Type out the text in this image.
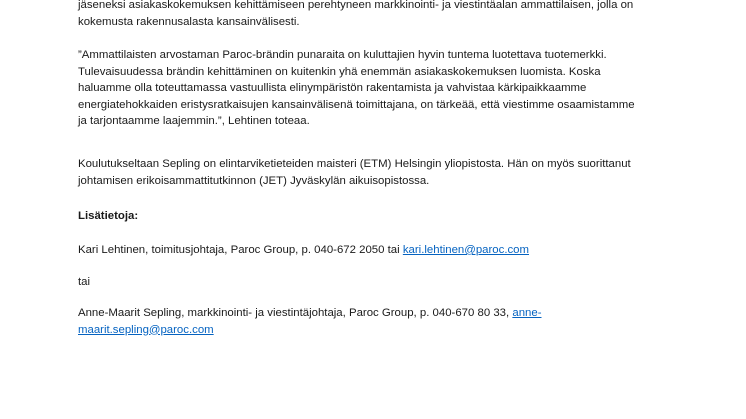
jäseneksi asiakaskokemuksen kehittämiseen perehtyneen markkinointi- ja viestintäalan ammattilaisen, jolla on
kokemusta rakennusalasta kansainvälisesti.

”Ammattilaisten arvostaman Paroc-brändin punaraita on kuluttajien hyvin tuntema luotettava tuotemerkki.
Tulevaisuudessa brändin kehittäminen on kuitenkin yhä enemmän asiakaskokemuksen luomista. Koska
haluamme olla toteuttamassa vastuullista elinympäristön rakentamista ja vahvistaa kärkipaikkaamme
energiatehokkaiden eristysratkaisujen kansainvälisenä toimittajana, on tärkeää, että viestimme osaamistamme
ja tarjontaamme laajemmin.”, Lehtinen toteaa.

Koulutukseltaan Sepling on elintarviketieteiden maisteri (ETM) Helsingin yliopistosta. Hän on myös suorittanut
johtamisen erikoisammattitutkinnon (JET) Jyväskylän aikuisopistossa.

Lisätietoja:

Kari Lehtinen, toimitusjohtaja, Paroc Group, p. 040-672 2050 tai kari.lehtinen@paroc.com

tai

Anne-Maarit Sepling, markkinointi- ja viestintäjohtaja, Paroc Group, p. 040-670 80 33, anne-
maarit.sepling@paroc.com
